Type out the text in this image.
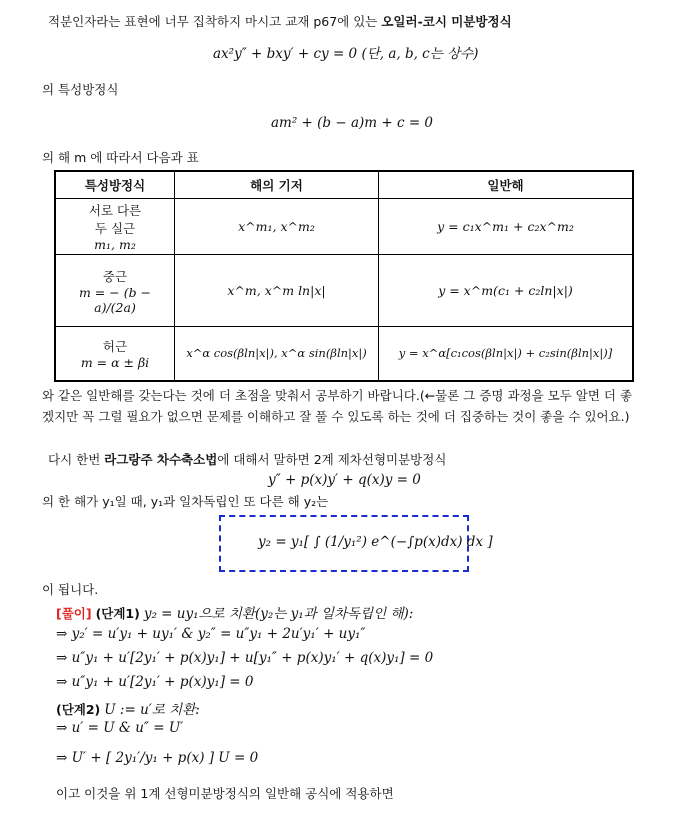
적분인자라는 표현에 너무 집착하지 마시고 교재 p67에 있는 오일러-코시 미분방정식
ax²y″ + bxy′ + cy = 0 (단, a, b, c는 상수)
의 특성방정식
am² + (b − a)m + c = 0
의 해 m 에 따라서 다음과 표
특성방정식	해의 기저	일반해

서로 다른
두 실근
m₁, m₂	x^m₁, x^m₂	y = c₁x^m₁ + c₂x^m₂

중근
m = − (b − a)/(2a)	x^m, x^m ln|x|	y = x^m(c₁ + c₂ln|x|)

허근
m = α ± βi	x^α cos(βln|x|), x^α sin(βln|x|)	y = x^α[c₁cos(βln|x|) + c₂sin(βln|x|)]
와 같은 일반해를 갖는다는 것에 더 초점을 맞춰서 공부하기 바랍니다.(←물론 그 증명 과정을 모두 알면 더 좋
겠지만 꼭 그럴 필요가 없으면 문제를 이해하고 잘 풀 수 있도록 하는 것에 더 집중하는 것이 좋을 수 있어요.)
다시 한번 라그랑주 차수축소법에 대해서 말하면 2계 제차선형미분방정식
y″ + p(x)y′ + q(x)y = 0
의 한 해가 y₁일 때, y₁과 일차독립인 또 다른 해 y₂는
y₂ = y₁[ ∫ (1/y₁²) e^(−∫p(x)dx) dx ]
이 됩니다.
[풀이] (단계1) y₂ = uy₁으로 치환(y₂는 y₁과 일차독립인 해):
⇒ y₂′ = u′y₁ + uy₁′ & y₂″ = u″y₁ + 2u′y₁′ + uy₁″
⇒ u″y₁ + u′[2y₁′ + p(x)y₁] + u[y₁″ + p(x)y₁′ + q(x)y₁] = 0
⇒ u″y₁ + u′[2y₁′ + p(x)y₁] = 0
(단계2) U := u′로 치환:
⇒ u′ = U & u″ = U′
⇒ U′ + [ 2y₁′/y₁ + p(x) ] U = 0
이고 이것을 위 1계 선형미분방정식의 일반해 공식에 적용하면
